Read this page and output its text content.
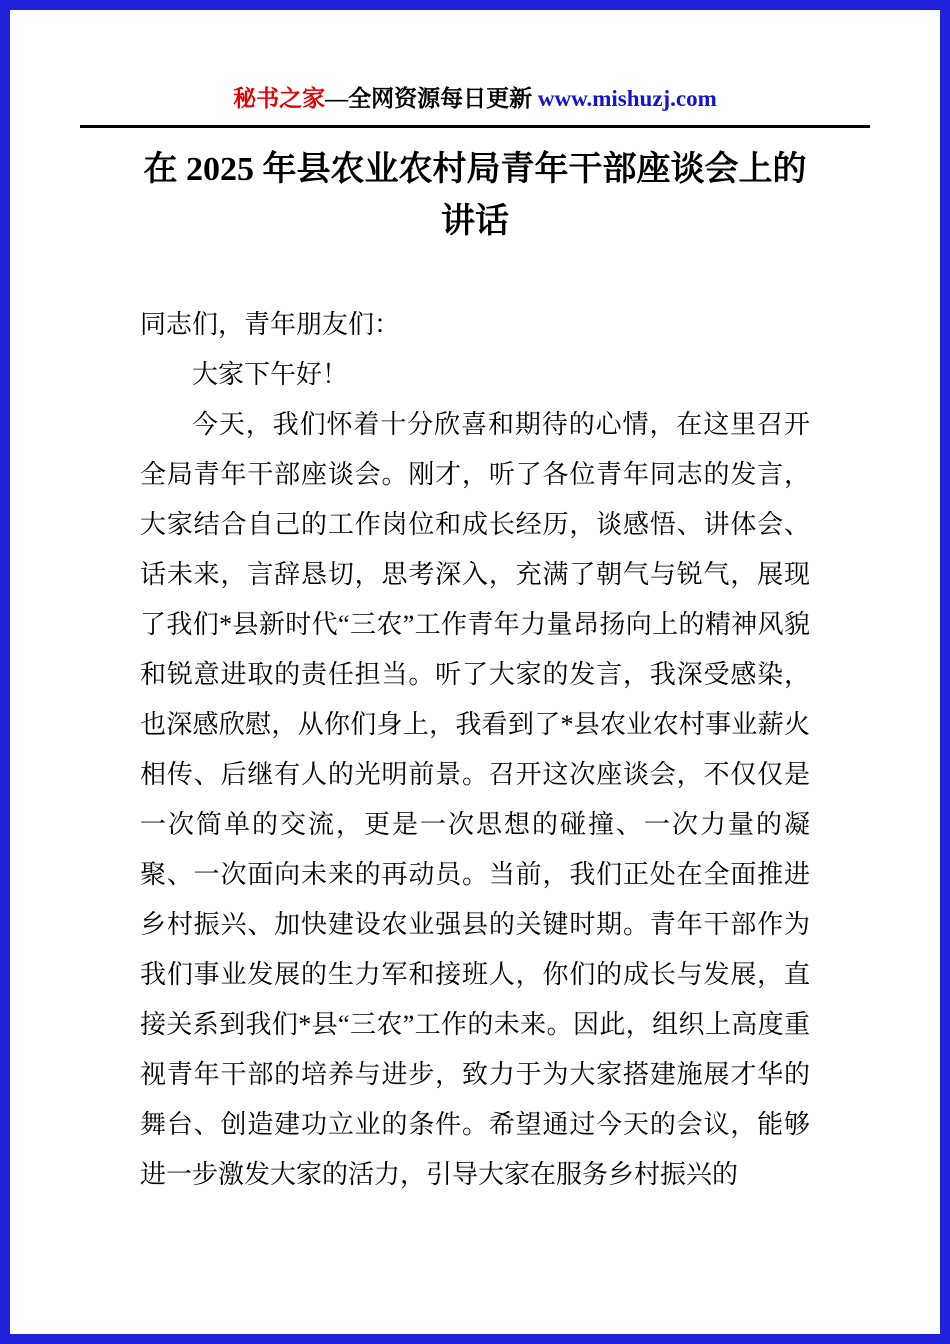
秘书之家—全网资源每日更新 www.mishuzj.com
在 2025 年县农业农村局青年干部座谈会上的
讲话

同志们，青年朋友们：

大家下午好！

今天，我们怀着十分欣喜和期待的心情，在这里召开全局青年干部座谈会。刚才，听了各位青年同志的发言，大家结合自己的工作岗位和成长经历，谈感悟、讲体会、话未来，言辞恳切，思考深入，充满了朝气与锐气，展现了我们*县新时代“三农”工作青年力量昂扬向上的精神风貌和锐意进取的责任担当。听了大家的发言，我深受感染，也深感欣慰，从你们身上，我看到了*县农业农村事业薪火相传、后继有人的光明前景。召开这次座谈会，不仅仅是一次简单的交流，更是一次思想的碰撞、一次力量的凝聚、一次面向未来的再动员。当前，我们正处在全面推进乡村振兴、加快建设农业强县的关键时期。青年干部作为我们事业发展的生力军和接班人，你们的成长与发展，直接关系到我们*县“三农”工作的未来。因此，组织上高度重视青年干部的培养与进步，致力于为大家搭建施展才华的舞台、创造建功立业的条件。希望通过今天的会议，能够进一步激发大家的活力，引导大家在服务乡村振兴的
